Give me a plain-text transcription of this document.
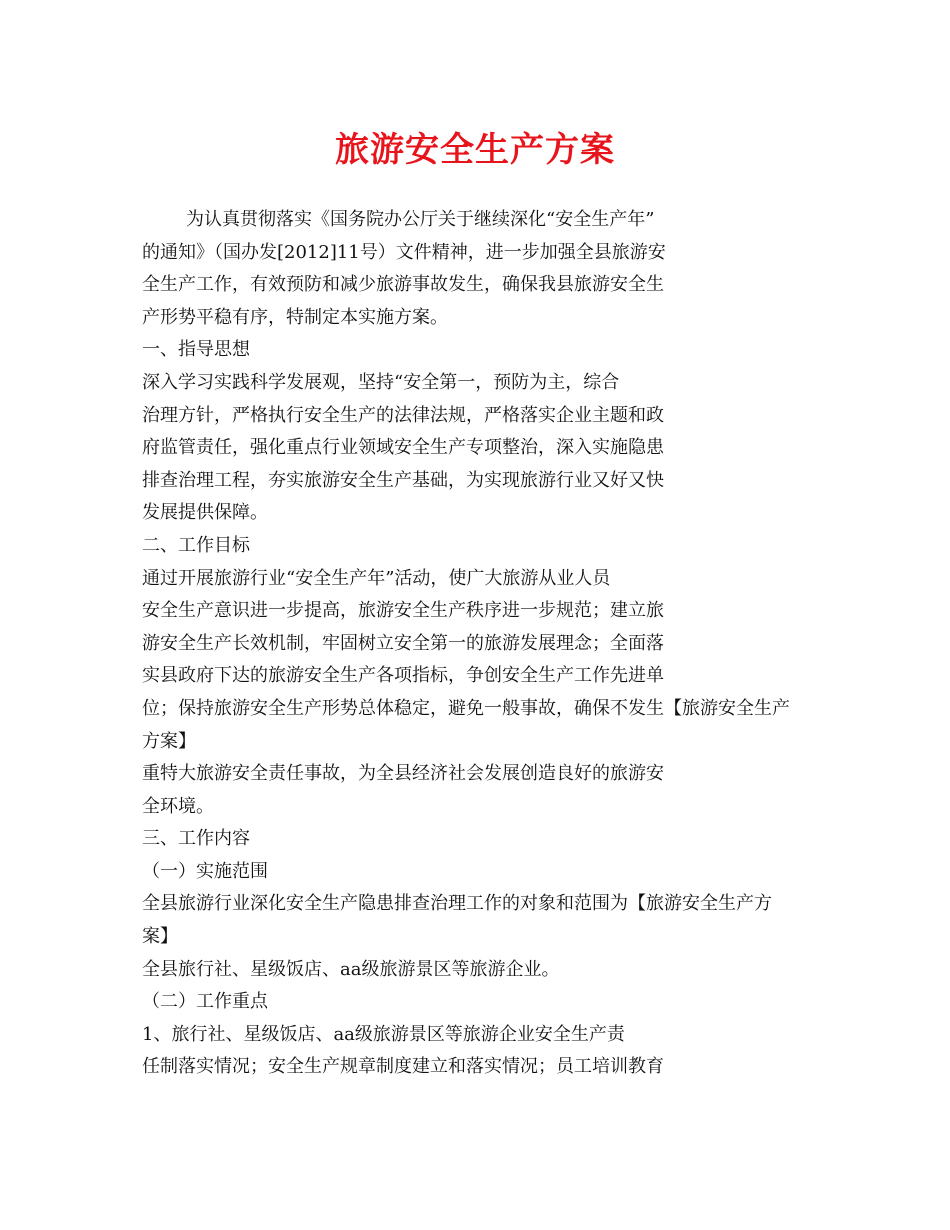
旅游安全生产方案

为认真贯彻落实《国务院办公厅关于继续深化“安全生产年”

的通知》（国办发[2012]11号）文件精神，进一步加强全县旅游安

全生产工作，有效预防和减少旅游事故发生，确保我县旅游安全生

产形势平稳有序，特制定本实施方案。

一、指导思想

深入学习实践科学发展观，坚持“安全第一，预防为主，综合

治理方针，严格执行安全生产的法律法规，严格落实企业主题和政

府监管责任，强化重点行业领域安全生产专项整治，深入实施隐患

排查治理工程，夯实旅游安全生产基础，为实现旅游行业又好又快

发展提供保障。

二、工作目标

通过开展旅游行业“安全生产年”活动，使广大旅游从业人员

安全生产意识进一步提高，旅游安全生产秩序进一步规范；建立旅

游安全生产长效机制，牢固树立安全第一的旅游发展理念；全面落

实县政府下达的旅游安全生产各项指标，争创安全生产工作先进单

位；保持旅游安全生产形势总体稳定，避免一般事故，确保不发生【旅游安全生产

方案】

重特大旅游安全责任事故，为全县经济社会发展创造良好的旅游安

全环境。

三、工作内容

（一）实施范围

全县旅游行业深化安全生产隐患排查治理工作的对象和范围为【旅游安全生产方

案】

全县旅行社、星级饭店、aa级旅游景区等旅游企业。

（二）工作重点

1、旅行社、星级饭店、aa级旅游景区等旅游企业安全生产责

任制落实情况；安全生产规章制度建立和落实情况；员工培训教育
